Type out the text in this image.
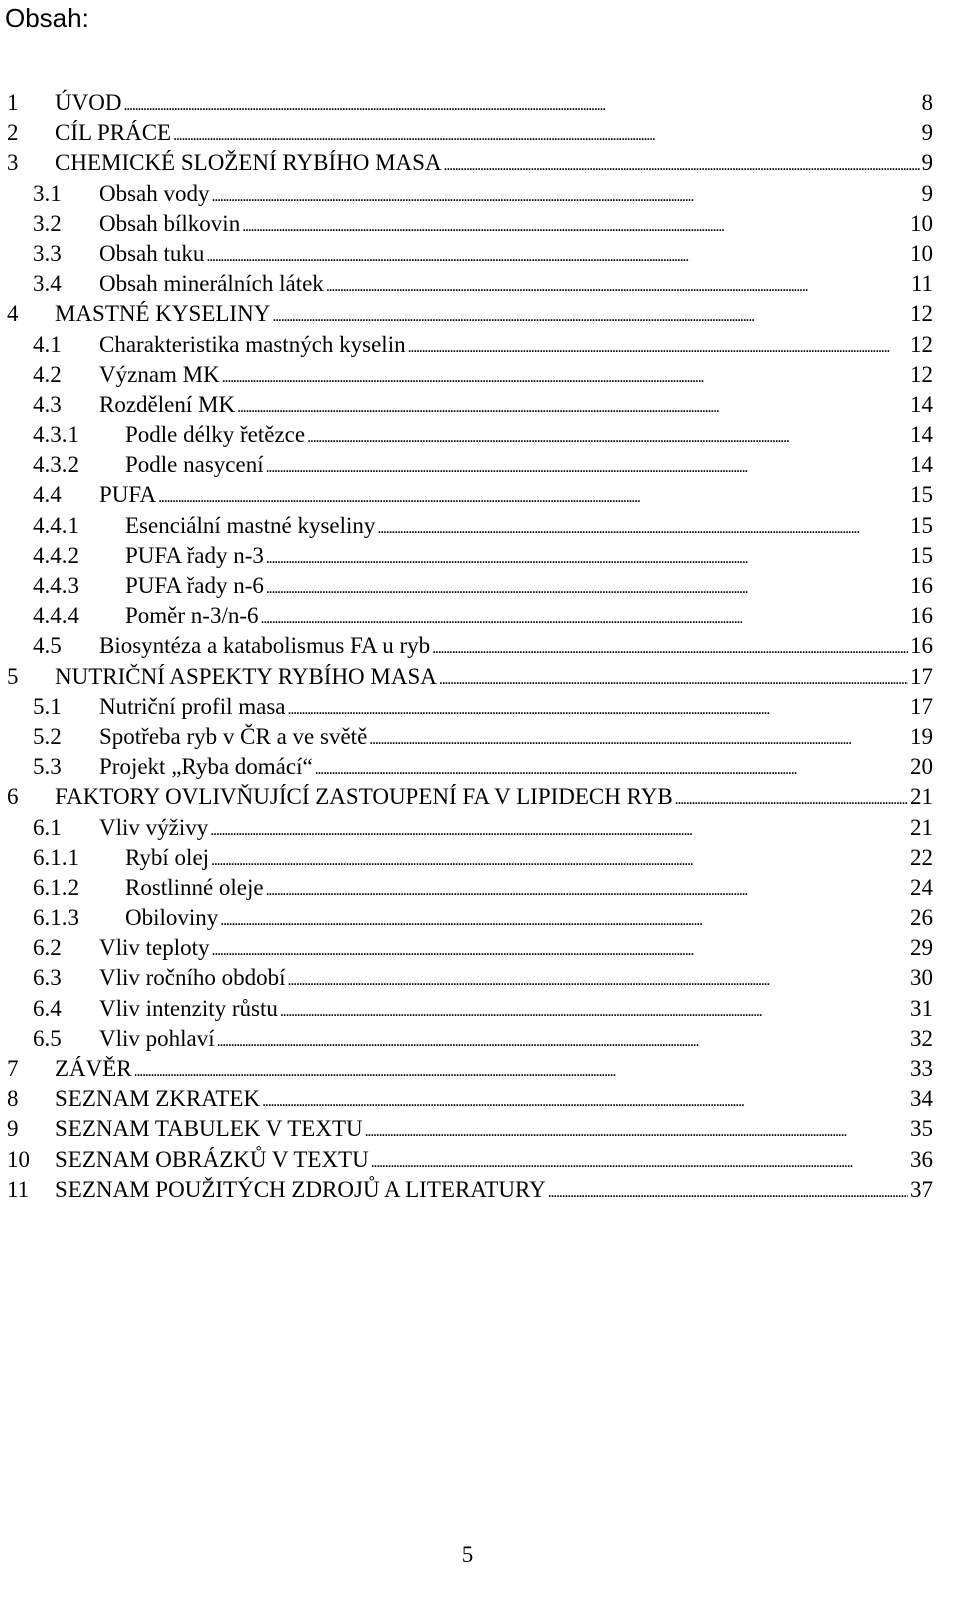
Obsah:
1	ÚVOD . . .	8
2	CÍL PRÁCE . . .	9
3	CHEMICKÉ SLOŽENÍ RYBÍHO MASA . . .	9
3.1	Obsah vody . . .	9
3.2	Obsah bílkovin . . .	10
3.3	Obsah tuku . . .	10
3.4	Obsah minerálních látek . . .	11
4	MASTNÉ KYSELINY . . .	12
4.1	Charakteristika mastných kyselin . . .	12
4.2	Význam MK . . .	12
4.3	Rozdělení MK . . .	14
4.3.1	Podle délky řetězce . . .	14
4.3.2	Podle nasycení . . .	14
4.4	PUFA . . .	15
4.4.1	Esenciální mastné kyseliny . . .	15
4.4.2	PUFA řady n-3 . . .	15
4.4.3	PUFA řady n-6 . . .	16
4.4.4	Poměr n-3/n-6 . . .	16
4.5	Biosyntéza a katabolismus FA u ryb . . .	16
5	NUTRIČNÍ ASPEKTY RYBÍHO MASA . . .	17
5.1	Nutriční profil masa . . .	17
5.2	Spotřeba ryb v ČR a ve světě . . .	19
5.3	Projekt „Ryba domácí“ . . .	20
6	FAKTORY OVLIVŇUJÍCÍ ZASTOUPENÍ FA V LIPIDECH RYB . . .	21
6.1	Vliv výživy . . .	21
6.1.1	Rybí olej . . .	22
6.1.2	Rostlinné oleje . . .	24
6.1.3	Obiloviny . . .	26
6.2	Vliv teploty . . .	29
6.3	Vliv ročního období . . .	30
6.4	Vliv intenzity růstu . . .	31
6.5	Vliv pohlaví . . .	32
7	ZÁVĚR . . .	33
8	SEZNAM ZKRATEK . . .	34
9	SEZNAM TABULEK V TEXTU . . .	35
10	SEZNAM OBRÁZKŮ V TEXTU . . .	36
11	SEZNAM POUŽITÝCH ZDROJŮ A LITERATURY . . .	37
5
